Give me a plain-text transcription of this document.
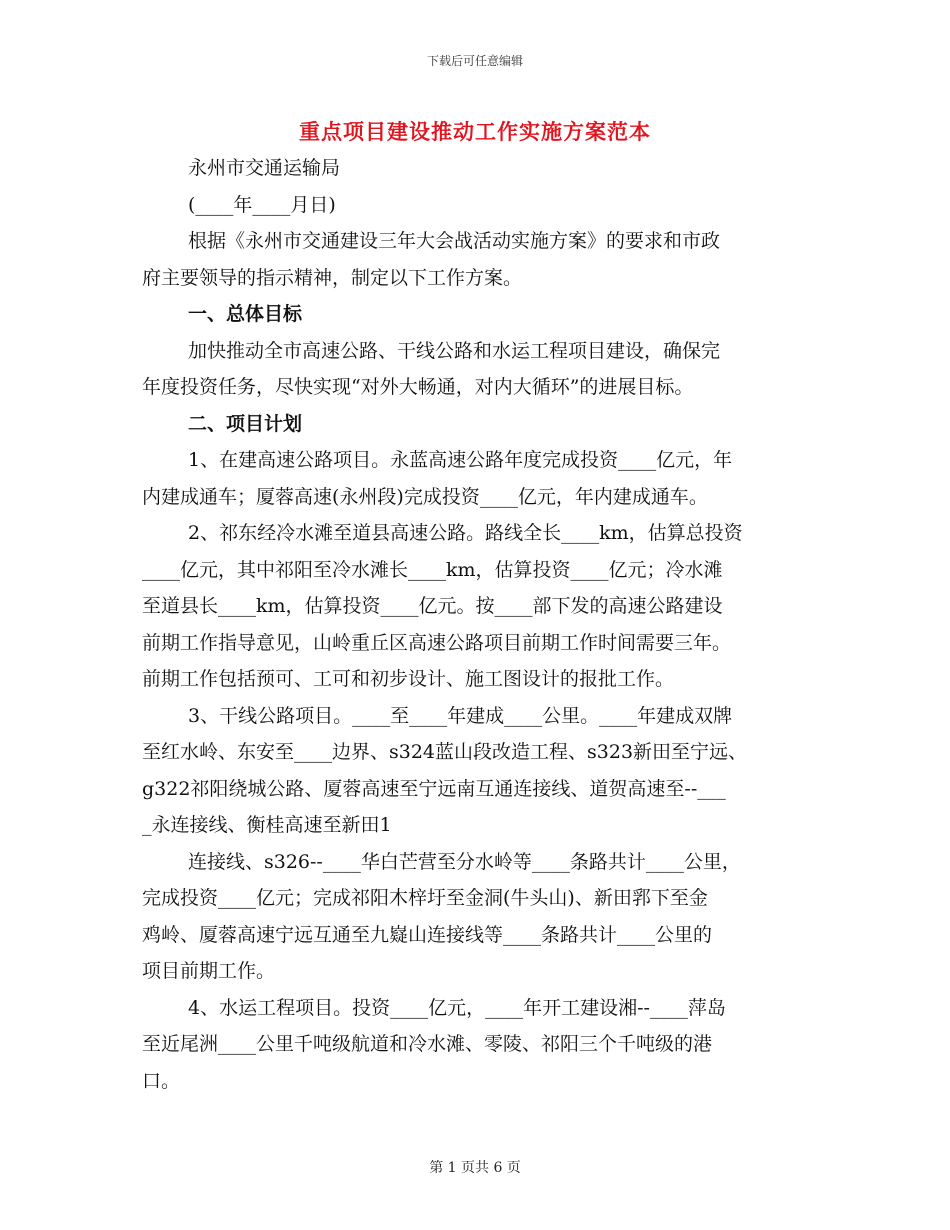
下载后可任意编辑
重点项目建设推动工作实施方案范本
永州市交通运输局
(____年____月日)
根据《永州市交通建设三年大会战活动实施方案》的要求和市政
府主要领导的指示精神，制定以下工作方案。
一、总体目标
加快推动全市高速公路、干线公路和水运工程项目建设，确保完
年度投资任务，尽快实现“对外大畅通，对内大循环”的进展目标。
二、项目计划
1、在建高速公路项目。永蓝高速公路年度完成投资____亿元，年
内建成通车；厦蓉高速(永州段)完成投资____亿元，年内建成通车。
2、祁东经冷水滩至道县高速公路。路线全长____km，估算总投资
____亿元，其中祁阳至冷水滩长____km，估算投资____亿元；冷水滩
至道县长____km，估算投资____亿元。按____部下发的高速公路建设
前期工作指导意见，山岭重丘区高速公路项目前期工作时间需要三年。
前期工作包括预可、工可和初步设计、施工图设计的报批工作。
3、干线公路项目。____至____年建成____公里。____年建成双牌
至红水岭、东安至____边界、s324蓝山段改造工程、s323新田至宁远、
g322祁阳绕城公路、厦蓉高速至宁远南互通连接线、道贺高速至--___
_永连接线、衡桂高速至新田1
连接线、s326--____华白芒营至分水岭等____条路共计____公里，
完成投资____亿元；完成祁阳木梓圩至金洞(牛头山)、新田郛下至金
鸡岭、厦蓉高速宁远互通至九嶷山连接线等____条路共计____公里的
项目前期工作。
4、水运工程项目。投资____亿元，____年开工建设湘--____萍岛
至近尾洲____公里千吨级航道和冷水滩、零陵、祁阳三个千吨级的港
口。
第 1 页共 6 页
